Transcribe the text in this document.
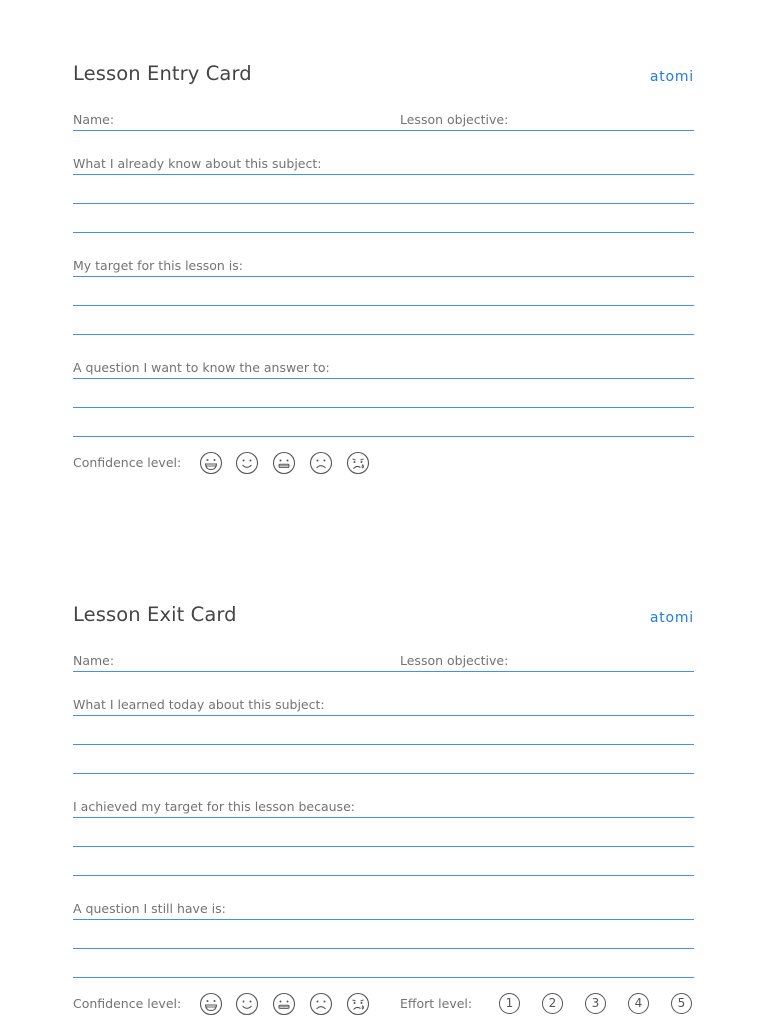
Lesson Entry Card	atomi
Name:	Lesson objective:
What I already know about this subject:
My target for this lesson is:
A question I want to know the answer to:
Confidence level:
Lesson Exit Card	atomi
Name:	Lesson objective:
What I learned today about this subject:
I achieved my target for this lesson because:
A question I still have is:
Confidence level:	Effort level:	1	2	3	4	5
